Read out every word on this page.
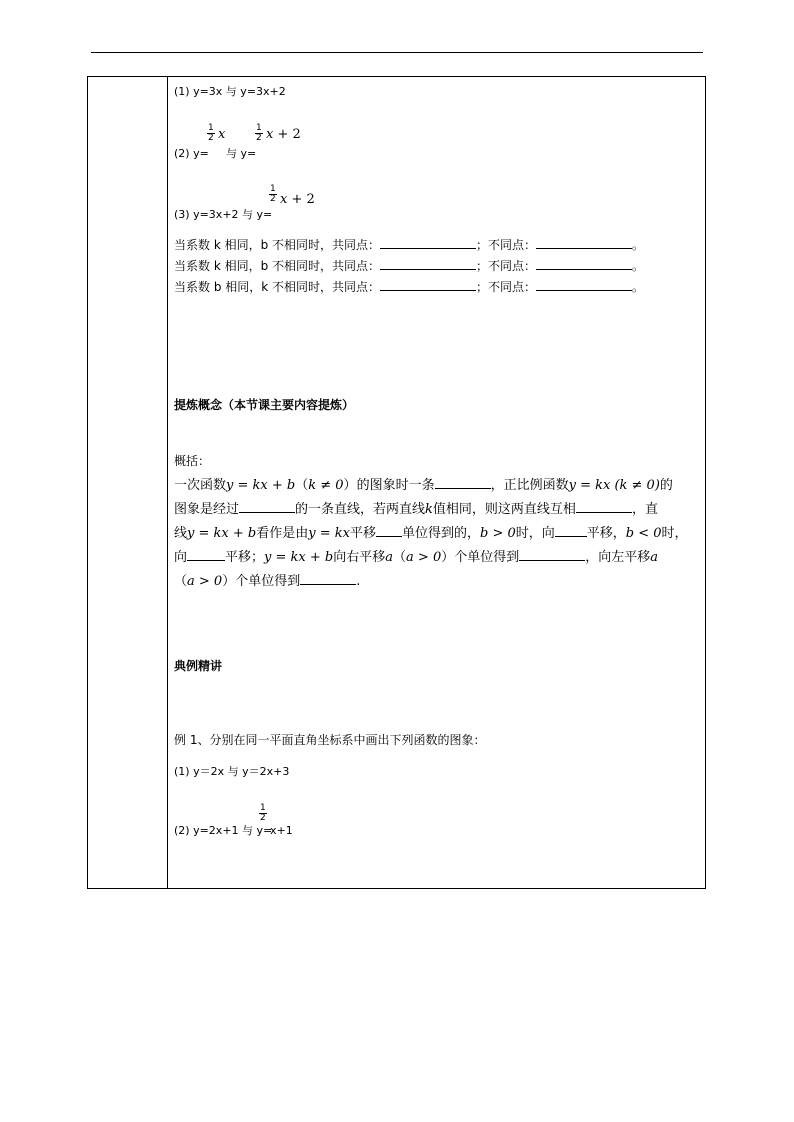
(1) y=3x 与 y=3x+2
(2) y=
$\frac{1}{2}$ x
与 y=
$\frac{1}{2}$ x + 2
(3) y=3x+2 与 y=
$\frac{1}{2}$ x + 2
当系数 k 相同，b 不相同时，共同点：	；不同点：	。
当系数 k 相同，b 不相同时，共同点：	；不同点：	。
当系数 b 相同，k 不相同时，共同点：	；不同点：	。
提炼概念（本节课主要内容提炼）
概括：
一次函数y = kx + b（k ≠ 0）的图象时一条	，正比例函数y = kx (k ≠ 0)的
图象是经过	的一条直线，若两直线k值相同，则这两直线互相	，直
线y = kx + b看作是由y = kx平移 单位得到的，b > 0时，向 平移，b < 0时，
向	平移；y = kx + b向右平移a（a > 0）个单位得到	，向左平移a
（a > 0）个单位得到	.
典例精讲
例 1、分别在同一平面直角坐标系中画出下列函数的图象：
(1) y＝2x 与 y＝2x+3
(2) y=2x+1 与 y=
$\frac{1}{2}$
x+1
